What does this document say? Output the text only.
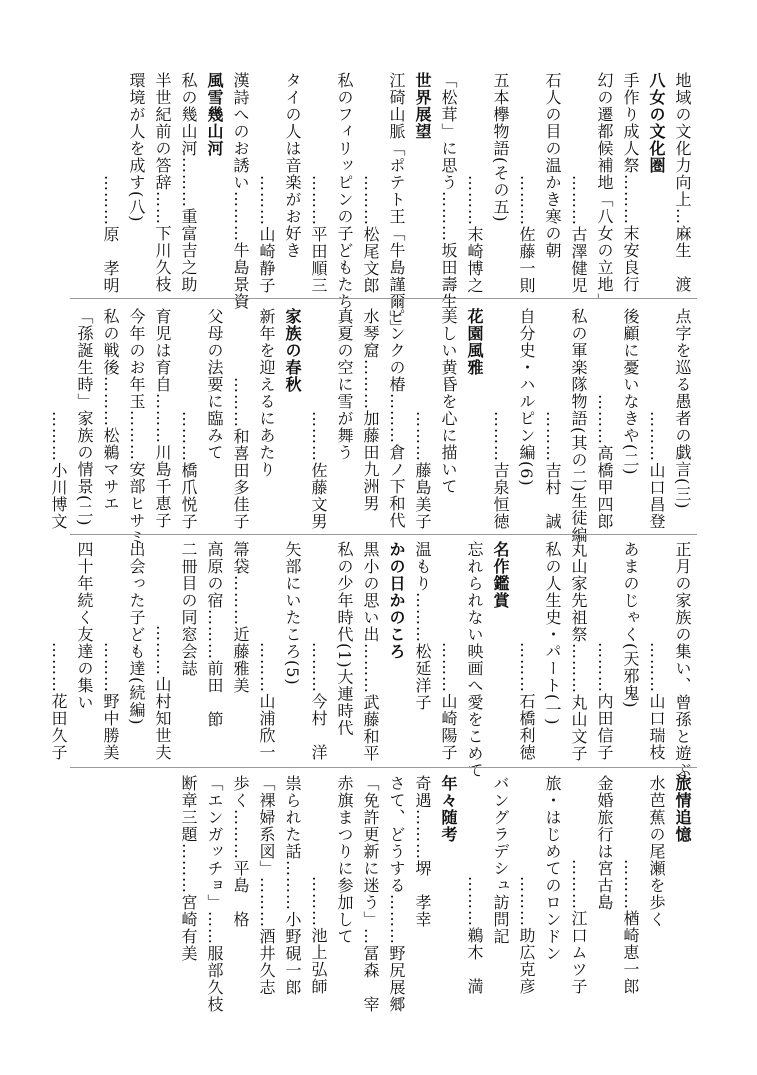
地域の文化力向上…麻生　渡
八女の文化圏
手作り成人祭………末安良行
幻の遷都候補地「八女の立地」
………古澤健児
石人の目の温かき寒の朝
………佐藤一則
五本欅物語(その五)
………末崎博之
「松茸」に思う………坂田壽生
世界展望
江碕山脈「ポテト王「牛島謹爾」」
………松尾文郎
私のフィリッピンの子どもたち
………平田順三
タイの人は音楽がお好き
………山崎静子
漢詩へのお誘い………牛島景資
風雪幾山河
私の幾山河………重富吉之助
半世紀前の答辞……下川久枝
環境が人を成す(八)
………原　孝明
点字を巡る愚者の戯言(三)
………山口昌登
後顧に憂いなきや(二)
………高橋甲四郎
私の軍楽隊物語(其の二)生徒編
………吉村　誠
自分史・ハルピン編(6)
………吉泉恒徳
花園風雅
美しい黄昏を心に描いて
………藤島美子
ピンクの椿………倉ノ下和代
水琴窟………加藤田九洲男
真夏の空に雪が舞う
………佐藤文男
家族の春秋
新年を迎えるにあたり
………和喜田多佳子
父母の法要に臨みて
………橋爪悦子
育児は育自………川島千恵子
今年のお年玉………安部ヒサミ
私の戦後………松鵜マサエ
「孫誕生時」家族の情景(二)
………小川博文
正月の家族の集い、曾孫と遊ぶ
………山口瑞枝
あまのじゃく(天邪鬼)
………内田信子
丸山家先祖祭………丸山文子
私の人生史・パート(一)
………石橋利徳
名作鑑賞
忘れられない映画へ愛をこめて
………山崎陽子
温もり………松延洋子
かの日かのころ
黒小の思い出………武藤和平
私の少年時代(1)大連時代
………今村　洋
矢部にいたころ(5)
………山浦欣一
箒袋………近藤雅美
高原の宿………前田　節
二冊目の同窓会誌
………山村知世夫
出会った子ども達(続編)
………野中勝美
四十年続く友達の集い
………花田久子
旅情追憶
水芭蕉の尾瀬を歩く
………楢崎恵一郎
金婚旅行は宮古島
………江口ムツ子
旅・はじめてのロンドン
………助広克彦
バングラデシュ訪問記
………鵜木　満
年々随考
奇遇………堺　孝幸
さて、どうする………野尻展郷
「免許更新に迷う」…冨森　宰
赤旗まつりに参加して
………池上弘師
祟られた話………小野硯一郎
「裸婦系図」………酒井久志
歩く………平島　格
「エンガッチョ」……服部久枝
断章三題………宮崎有美
